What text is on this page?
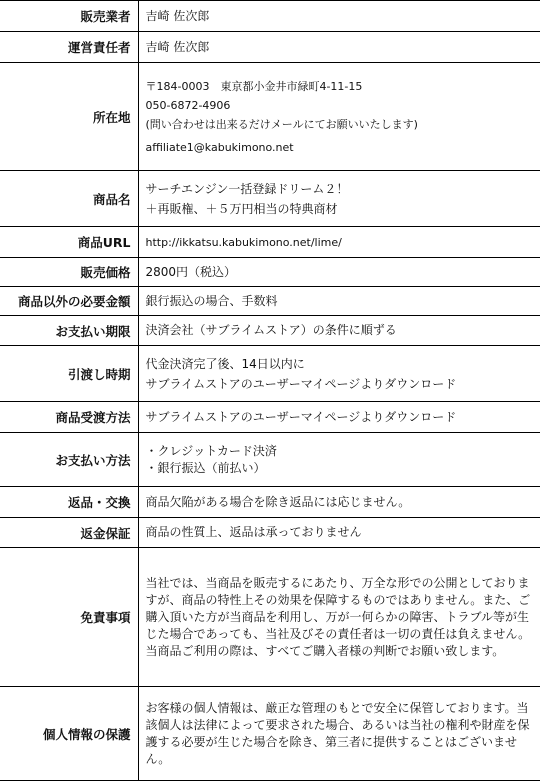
販売業者	吉崎 佐次郎

運営責任者	吉崎 佐次郎

所在地	〒184-0003　東京都小金井市緑町4-11-15
050-6872-4906
(問い合わせは出来るだけメールにてお願いいたします)
affiliate1@kabukimono.net

商品名	サーチエンジン一括登録ドリーム２！
＋再販権、＋５万円相当の特典商材

商品URL	http://ikkatsu.kabukimono.net/lime/

販売価格	2800円（税込）

商品以外の必要金額	銀行振込の場合、手数料

お支払い期限	決済会社（サブライムストア）の条件に順ずる

引渡し時期	代金決済完了後、14日以内に
サブライムストアのユーザーマイページよりダウンロード

商品受渡方法	サブライムストアのユーザーマイページよりダウンロード

お支払い方法	・クレジットカード決済
・銀行振込（前払い）

返品・交換	商品欠陥がある場合を除き返品には応じません。

返金保証	商品の性質上、返品は承っておりません

免責事項	当社では、当商品を販売するにあたり、万全な形での公開としておりますが、商品の特性上その効果を保障するものではありません。また、ご購入頂いた方が当商品を利用し、万が一何らかの障害、トラブル等が生じた場合であっても、当社及びその責任者は一切の責任は負えません。当商品ご利用の際は、すべてご購入者様の判断でお願い致します。

個人情報の保護	お客様の個人情報は、厳正な管理のもとで安全に保管しております。当該個人は法律によって要求された場合、あるいは当社の権利や財産を保護する必要が生じた場合を除き、第三者に提供することはございません。
